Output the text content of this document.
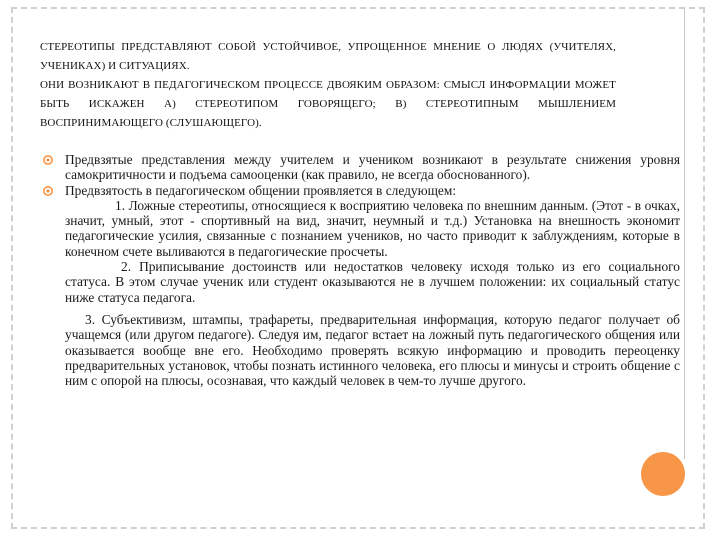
СТЕРЕОТИПЫ ПРЕДСТАВЛЯЮТ СОБОЙ УСТОЙЧИВОЕ, УПРОЩЕННОЕ МНЕНИЕ О ЛЮДЯХ (УЧИТЕЛЯХ, УЧЕНИКАХ) И СИТУАЦИЯХ.
ОНИ ВОЗНИКАЮТ В ПЕДАГОГИЧЕСКОМ ПРОЦЕССЕ ДВОЯКИМ ОБРАЗОМ: СМЫСЛ ИНФОРМАЦИИ МОЖЕТ БЫТЬ ИСКАЖЕН А) СТЕРЕОТИПОМ ГОВОРЯЩЕГО; В) СТЕРЕОТИПНЫМ МЫШЛЕНИЕМ ВОСПРИНИМАЮЩЕГО (СЛУШАЮЩЕГО).
Предвзятые представления между учителем и учеником возникают в результате снижения уровня самокритичности и подъема самооценки (как правило, не всегда обоснованного).
Предвзятость в педагогическом общении проявляется в следующем:
1. Ложные стереотипы, относящиеся к восприятию человека по внешним данным. (Этот - в очках, значит, умный, этот - спортивный на вид, значит, неумный и т.д.) Установка на внешность экономит педагогические усилия, связанные с познанием учеников, но часто приводит к заблуждениям, которые в конечном счете выливаются в педагогические просчеты.
2. Приписывание достоинств или недостатков человеку исходя только из его социального статуса. В этом случае ученик или студент оказываются не в лучшем положении: их социальный статус ниже статуса педагога.
3. Субъективизм, штампы, трафареты, предварительная информация, которую педагог получает об учащемся (или другом педагоге). Следуя им, педагог встает на ложный путь педагогического общения или оказывается вообще вне его. Необходимо проверять всякую информацию и проводить переоценку предварительных установок, чтобы познать истинного человека, его плюсы и минусы и строить общение с ним с опорой на плюсы, осознавая, что каждый человек в чем-то лучше другого.
